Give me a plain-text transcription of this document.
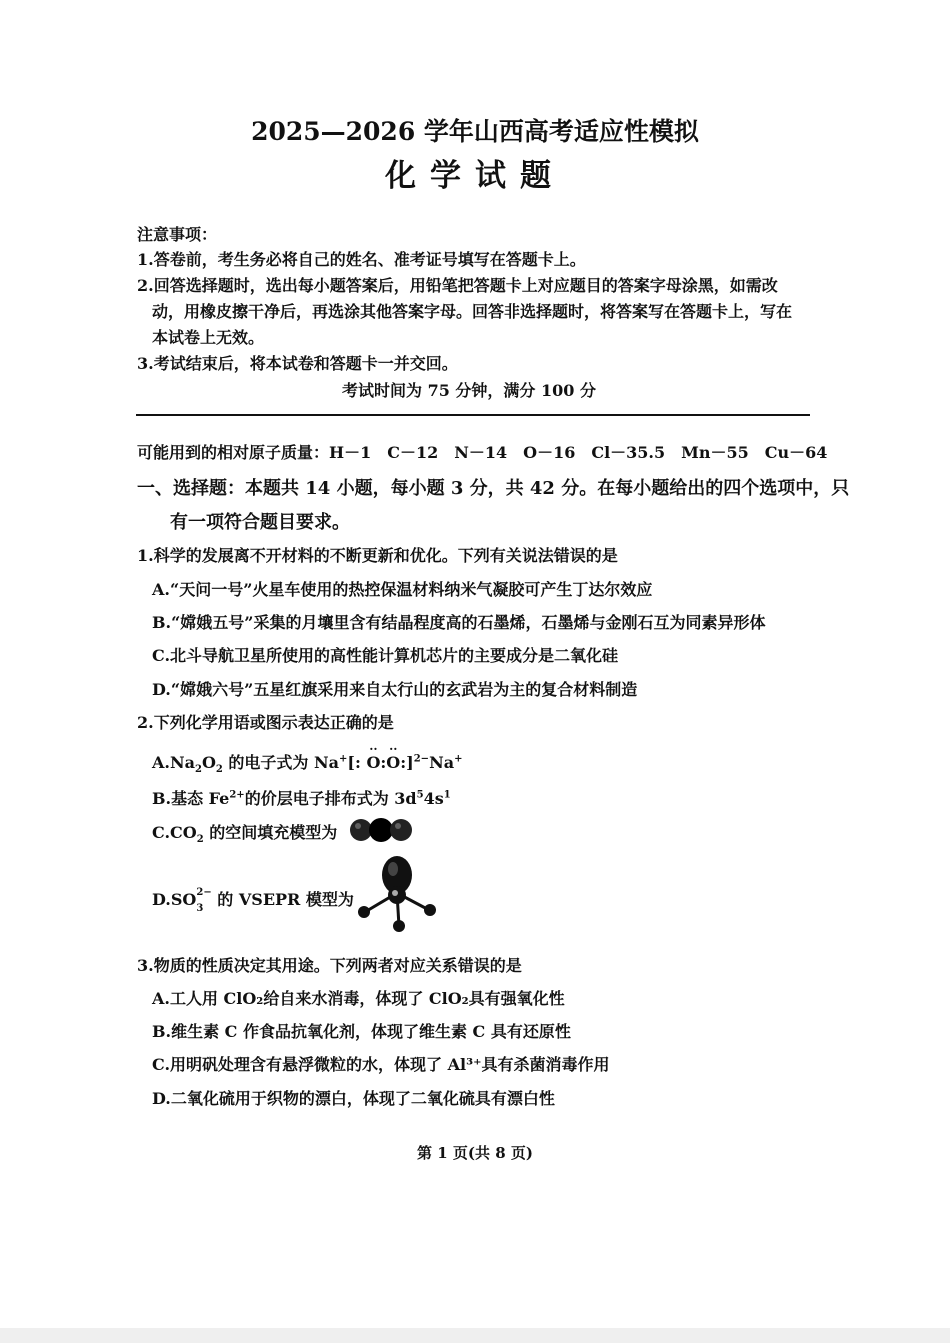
2025—2026 学年山西高考适应性模拟
化学试题
注意事项：
1.答卷前，考生务必将自己的姓名、准考证号填写在答题卡上。
2.回答选择题时，选出每小题答案后，用铅笔把答题卡上对应题目的答案字母涂黑，如需改
动，用橡皮擦干净后，再选涂其他答案字母。回答非选择题时，将答案写在答题卡上，写在
本试卷上无效。
3.考试结束后，将本试卷和答题卡一并交回。
考试时间为 75 分钟，满分 100 分
可能用到的相对原子质量：H－1　C－12　N－14　O－16　Cl－35.5　Mn－55　Cu－64
一、选择题：本题共 14 小题，每小题 3 分，共 42 分。在每小题给出的四个选项中，只
有一项符合题目要求。
1.科学的发展离不开材料的不断更新和优化。下列有关说法错误的是
A.“天问一号”火星车使用的热控保温材料纳米气凝胶可产生丁达尔效应
B.“嫦娥五号”采集的月壤里含有结晶程度高的石墨烯，石墨烯与金刚石互为同素异形体
C.北斗导航卫星所使用的高性能计算机芯片的主要成分是二氧化硅
D.“嫦娥六号”五星红旗采用来自太行山的玄武岩为主的复合材料制造
2.下列化学用语或图示表达正确的是
$A.Na_2O_2$ 的电子式为 Na+[:
··
O:
··
O:]$^{2-}$Na+
B.基态 $Fe^{2+}$的价层电子排布式为 $3d^54s^1$
$C.CO_2$ 的空间填充模型为
$D.SO^{2-}$
$_3$ 的 VSEPR 模型为
3.物质的性质决定其用途。下列两者对应关系错误的是
A.工人用 ClO₂给自来水消毒，体现了 ClO₂具有强氧化性
B.维生素 C 作食品抗氧化剂，体现了维生素 C 具有还原性
C.用明矾处理含有悬浮微粒的水，体现了 Al³⁺具有杀菌消毒作用
D.二氧化硫用于织物的漂白，体现了二氧化硫具有漂白性
第 1 页(共 8 页)
